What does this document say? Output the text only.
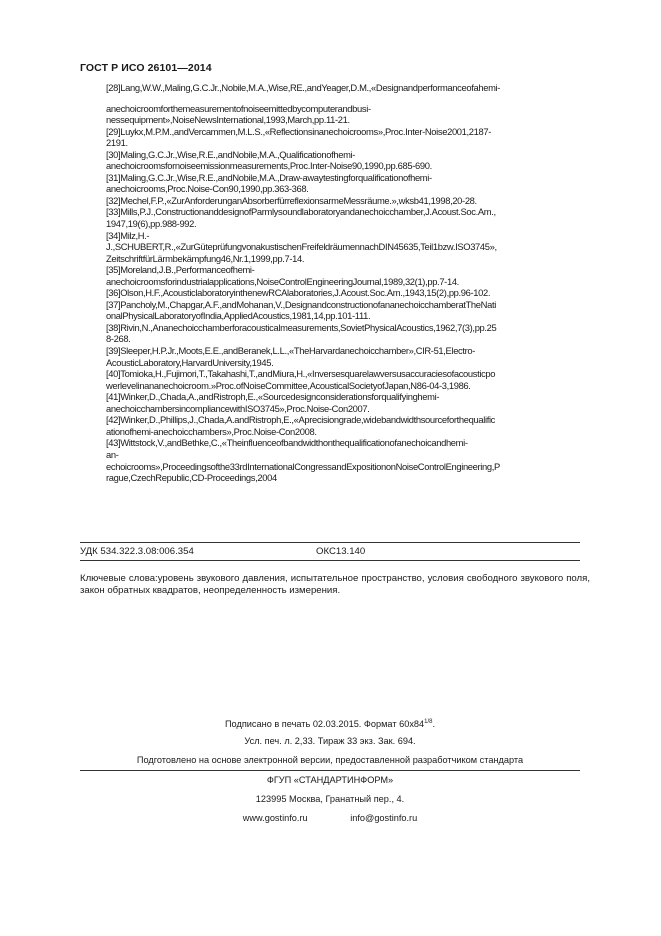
ГОСТ Р ИСО 26101—2014
[28]Lang,W.W.,Maling,G.C.Jr.,Nobile,M.A.,Wise,RE.,andYeager,D.M.,«Designandperformanceofahemi-
anechoicroomforthemeasurementofnoiseemittedbycomputerandbusi-
nessequipment»,NoiseNewsInternational,1993,March,pp.11-21.
[29]Luykx,M.P.M.,andVercammen,M.L.S.,«Reflectionsinanechoicrooms»,Proc.Inter-Noise2001,2187-
2191.
[30]Maling,G.C.Jr.,Wise,R.E.,andNobile,M.A.,Qualificationofhemi-
anechoicroomsfornoiseemissionmeasurements,Proc.Inter-Noise90,1990,pp.685-690.
[31]Maling,G.C.Jr.,Wise,R.E.,andNobile,M.A.,Draw-awaytestingforqualificationofhemi-
anechoicrooms,Proc.Noise-Con90,1990,pp.363-368.
[32]Mechel,F.P.,«ZurAnforderunganAbsorberfürreflexionsarmeMessräume.»,wksb41,1998,20-28.
[33]Mills,P.J.,ConstructionanddesignofParmlysoundlaboratoryandanechoicchamber,J.Acoust.Soc.Am.,
1947,19(6),pp.988-992.
[34]Milz,H.-
J.,SCHUBERT,R.,«ZurGüteprüfungvonakustischenFreifeldräumennachDIN45635,Teil1bzw.ISO3745»,
ZeitschriftfürLärmbekämpfung46,Nr.1,1999,pp.7-14.
[35]Moreland,J.B.,Performanceofhemi-
anechoicroomsforindustrialapplications,NoiseControlEngineeringJournal,1989,32(1),pp.7-14.
[36]Olson,H.F.,AcousticlaboratoryinthenewRCAlaboratories,J.Acoust.Soc.Am.,1943,15(2),pp.96-102.
[37]Pancholy,M.,Chapgar,A.F.,andMohanan,V.,DesignandconstructionofananechoicchamberatTheNati
onalPhysicalLaboratoryofIndia,AppliedAcoustics,1981,14,pp.101-111.
[38]Rivin,N.,Ananechoicchamberforacousticalmeasurements,SovietPhysicalAcoustics,1962,7(3),pp.25
8-268.
[39]Sleeper,H.P.Jr.,Moots,E.E.,andBeranek,L.L.,«TheHarvardanechoicchamber»,CIR-51,Electro-
AcousticLaboratory,HarvardUniversity,1945.
[40]Tomioka,H.,Fujimori,T.,Takahashi,T.,andMiura,H.,«Inversesquarelawversusaccuraciesofacousticpo
werlevelinananechoicroom.»Proc.ofNoiseCommittee,AcousticalSocietyofJapan,N86-04-3,1986.
[41]Winker,D.,Chada,A.,andRistroph,E.,«Sourcedesignconsiderationsforqualifyinghemi-
anechoicchambersincompliancewithISO3745»,Proc.Noise-Con2007.
[42]Winker,D.,Phillips,J.,Chada,A.andRistroph,E.,«Aprecisiongrade,widebandwidthsourceforthequalific
ationofhemi-anechoicchambers»,Proc.Noise-Con2008.
[43]Wittstock,V.,andBethke,C.,«Theinfluenceofbandwidthonthequalificationofanechoicandhemi-
an-
echoicrooms»,Proceedingsofthe33rdInternationalCongressandExpositiononNoiseControlEngineering,P
rague,CzechRepublic,CD-Proceedings,2004
УДК 534.322.3.08:006.354	ОКС13.140
Ключевые слова:уровень звукового давления, испытательное пространство, условия свободного звукового поля, закон обратных квадратов, неопределенность измерения.
Подписано в печать 02.03.2015. Формат $60x84^{1/8}$.
Усл. печ. л. 2,33. Тираж 33 экз. Зак. 694.
Подготовлено на основе электронной версии, предоставленной разработчиком стандарта
ФГУП «СТАНДАРТИНФОРМ»
123995 Москва, Гранатный пер., 4.
www.gostinfo.ru	info@gostinfo.ru
